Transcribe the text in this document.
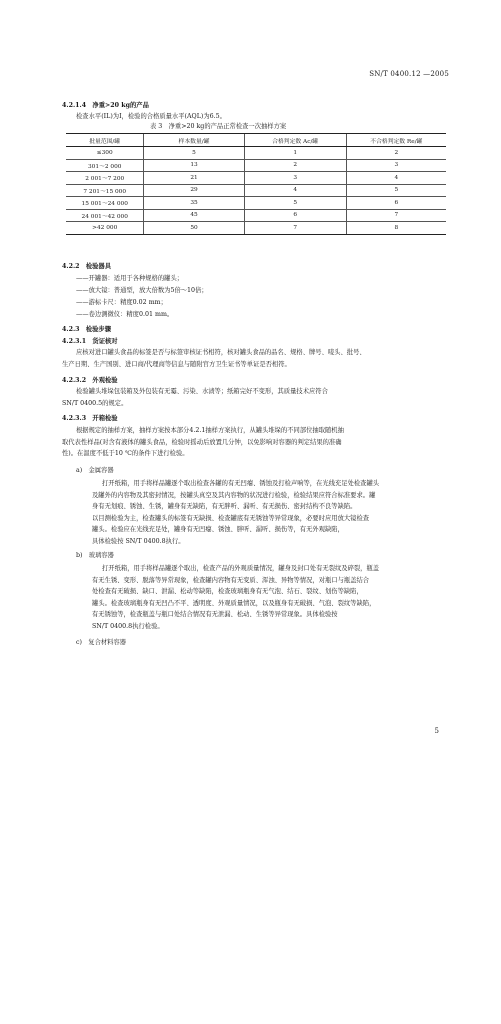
SN/T 0400.12 —2005
4.2.1.4　净重>20 kg的产品
检查水平(IL)为Ⅰ，检验的合格质量水平(AQL)为6.5。
表 3　净重>20 kg的产品正常检查一次抽样方案
批量范围/罐	样本数量/罐	合格判定数 Ac/罐	不合格判定数 Re/罐
≤300	5	1	2
301～2 000	13	2	3
2 001～7 200	21	3	4
7 201～15 000	29	4	5
15 001～24 000	35	5	6
24 001～42 000	45	6	7
>42 000	50	7	8
4.2.2　检验器具
——开罐器：适用于各种规格的罐头；
——放大镜：普通型，放大倍数为5倍～10倍；
——游标卡尺：精度0.02 mm；
——卷边测微仪：精度0.01 mm。
4.2.3　检验步骤
4.2.3.1　货证核对
应核对进口罐头食品的标签是否与标签审核证书相符，核对罐头食品的品名、规格、牌号、唛头、批号、
生产日期、生产国别、进口商/代理商等信息与随附官方卫生证书等单证是否相符。
4.2.3.2　外观检验
检验罐头堆垛包装箱及外包装有无霉、污染、水渍等；纸箱完好不变形，其质量技术应符合
SN/T 0400.5的规定。
4.2.3.3　开箱检验
根据规定的抽样方案，抽样方案按本部分4.2.1抽样方案执行，从罐头堆垛的不同部位抽取随机抽
取代表性样品(对含有液体的罐头食品，检验时摇动后放置几分钟，以免影响对容器的判定结果的准确
性)。在温度不低于10 ℃的条件下进行检验。
a)　金属容器
打开纸箱，用手将样品罐逐个取出检查各罐的有无凹瘪、锈蚀及打检声响等，在光线充足处检查罐头
及罐外的内容物及其密封情况，按罐头真空及其内容物的状况进行检验，检验结果应符合标准要求。罐
身有无划痕、锈蚀、生锈，罐身有无缺陷，有无胖听、漏听、有无损伤、密封结构不良等缺陷。
以目测检验为主，检查罐头的标签有无缺损、检查罐底有无锈蚀等异常现象，必要时应用放大镜检查
罐头。检验应在光线充足处，罐身有无凹瘪、锈蚀、胖听、漏听、损伤等，有无外观缺陷，
具体检验按 SN/T 0400.8执行。
b)　玻璃容器
打开纸箱，用手将样品罐逐个取出，检查产品的外观质量情况，罐身及封口处有无裂纹及碎裂，瓶盖
有无生锈、变形、脱落等异常现象，检查罐内容物有无变质、浑浊、异物等情况，对瓶口与瓶盖结合
处检查有无破损、缺口、泄漏、松动等缺陷，检查玻璃瓶身有无气泡、结石、裂纹、划伤等缺陷，
罐头。检查玻璃瓶身有无凹凸不平、透明度、外观质量情况，以及瓶身有无破损、气泡、裂纹等缺陷，
有无锈蚀等，检查瓶盖与瓶口处结合情况有无泄漏、松动、生锈等异常现象。具体检验按
SN/T 0400.8执行检验。
c)　复合材料容器
5
